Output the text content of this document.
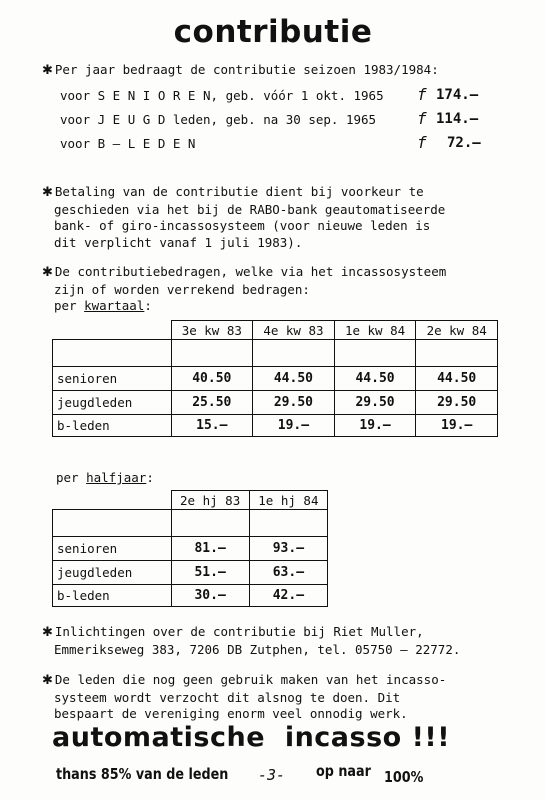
contributie
✱ Per jaar bedraagt de contributie seizoen 1983/1984:
voor S E N I O R E N, geb. vóór 1 okt. 1965 f 174.–
voor J E U G D leden, geb. na 30 sep. 1965	f 114.–
voor B – L E D E N	f 72.–
✱ Betaling van de contributie dient bij voorkeur te
geschieden via het bij de RABO-bank geautomatiseerde
bank- of giro-incassosysteem (voor nieuwe leden is
dit verplicht vanaf 1 juli 1983).
✱ De contributiebedragen, welke via het incassosysteem
zijn of worden verrekend bedragen:
per kwartaal:
	3e kw 83	4e kw 83	1e kw 84	2e kw 84

senioren	40.50	44.50	44.50	44.50
jeugdleden	25.50	29.50	29.50	29.50
b-leden	15.–	19.–	19.–	19.–
per halfjaar:
	2e hj 83	1e hj 84

senioren	81.–	93.–
jeugdleden	51.–	63.–
b-leden	30.–	42.–
✱ Inlichtingen over de contributie bij Riet Muller,
Emmerikseweg 383, 7206 DB Zutphen, tel. 05750 – 22772.
✱ De leden die nog geen gebruik maken van het incasso-
systeem wordt verzocht dit alsnog te doen. Dit
bespaart de vereniging enorm veel onnodig werk.
automatische  incasso !!!
thans 85% van de leden -3- op naar 100%
